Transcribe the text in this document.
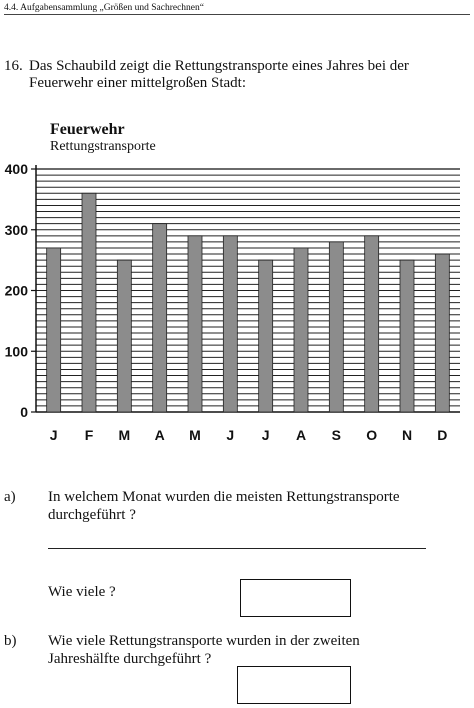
4.4. Aufgabensammlung „Größen und Sachrechnen“
16. Das Schaubild zeigt die Rettungstransporte eines Jahres bei der Feuerwehr einer mittelgroßen Stadt:
Feuerwehr
Rettungstransporte
0
100
200
300
400
J F M A M J J A S O N D
a) In welchem Monat wurden die meisten Rettungstransporte durchgeführt ?
Wie viele ?
b) Wie viele Rettungstransporte wurden in der zweiten Jahreshälfte durchgeführt ?
